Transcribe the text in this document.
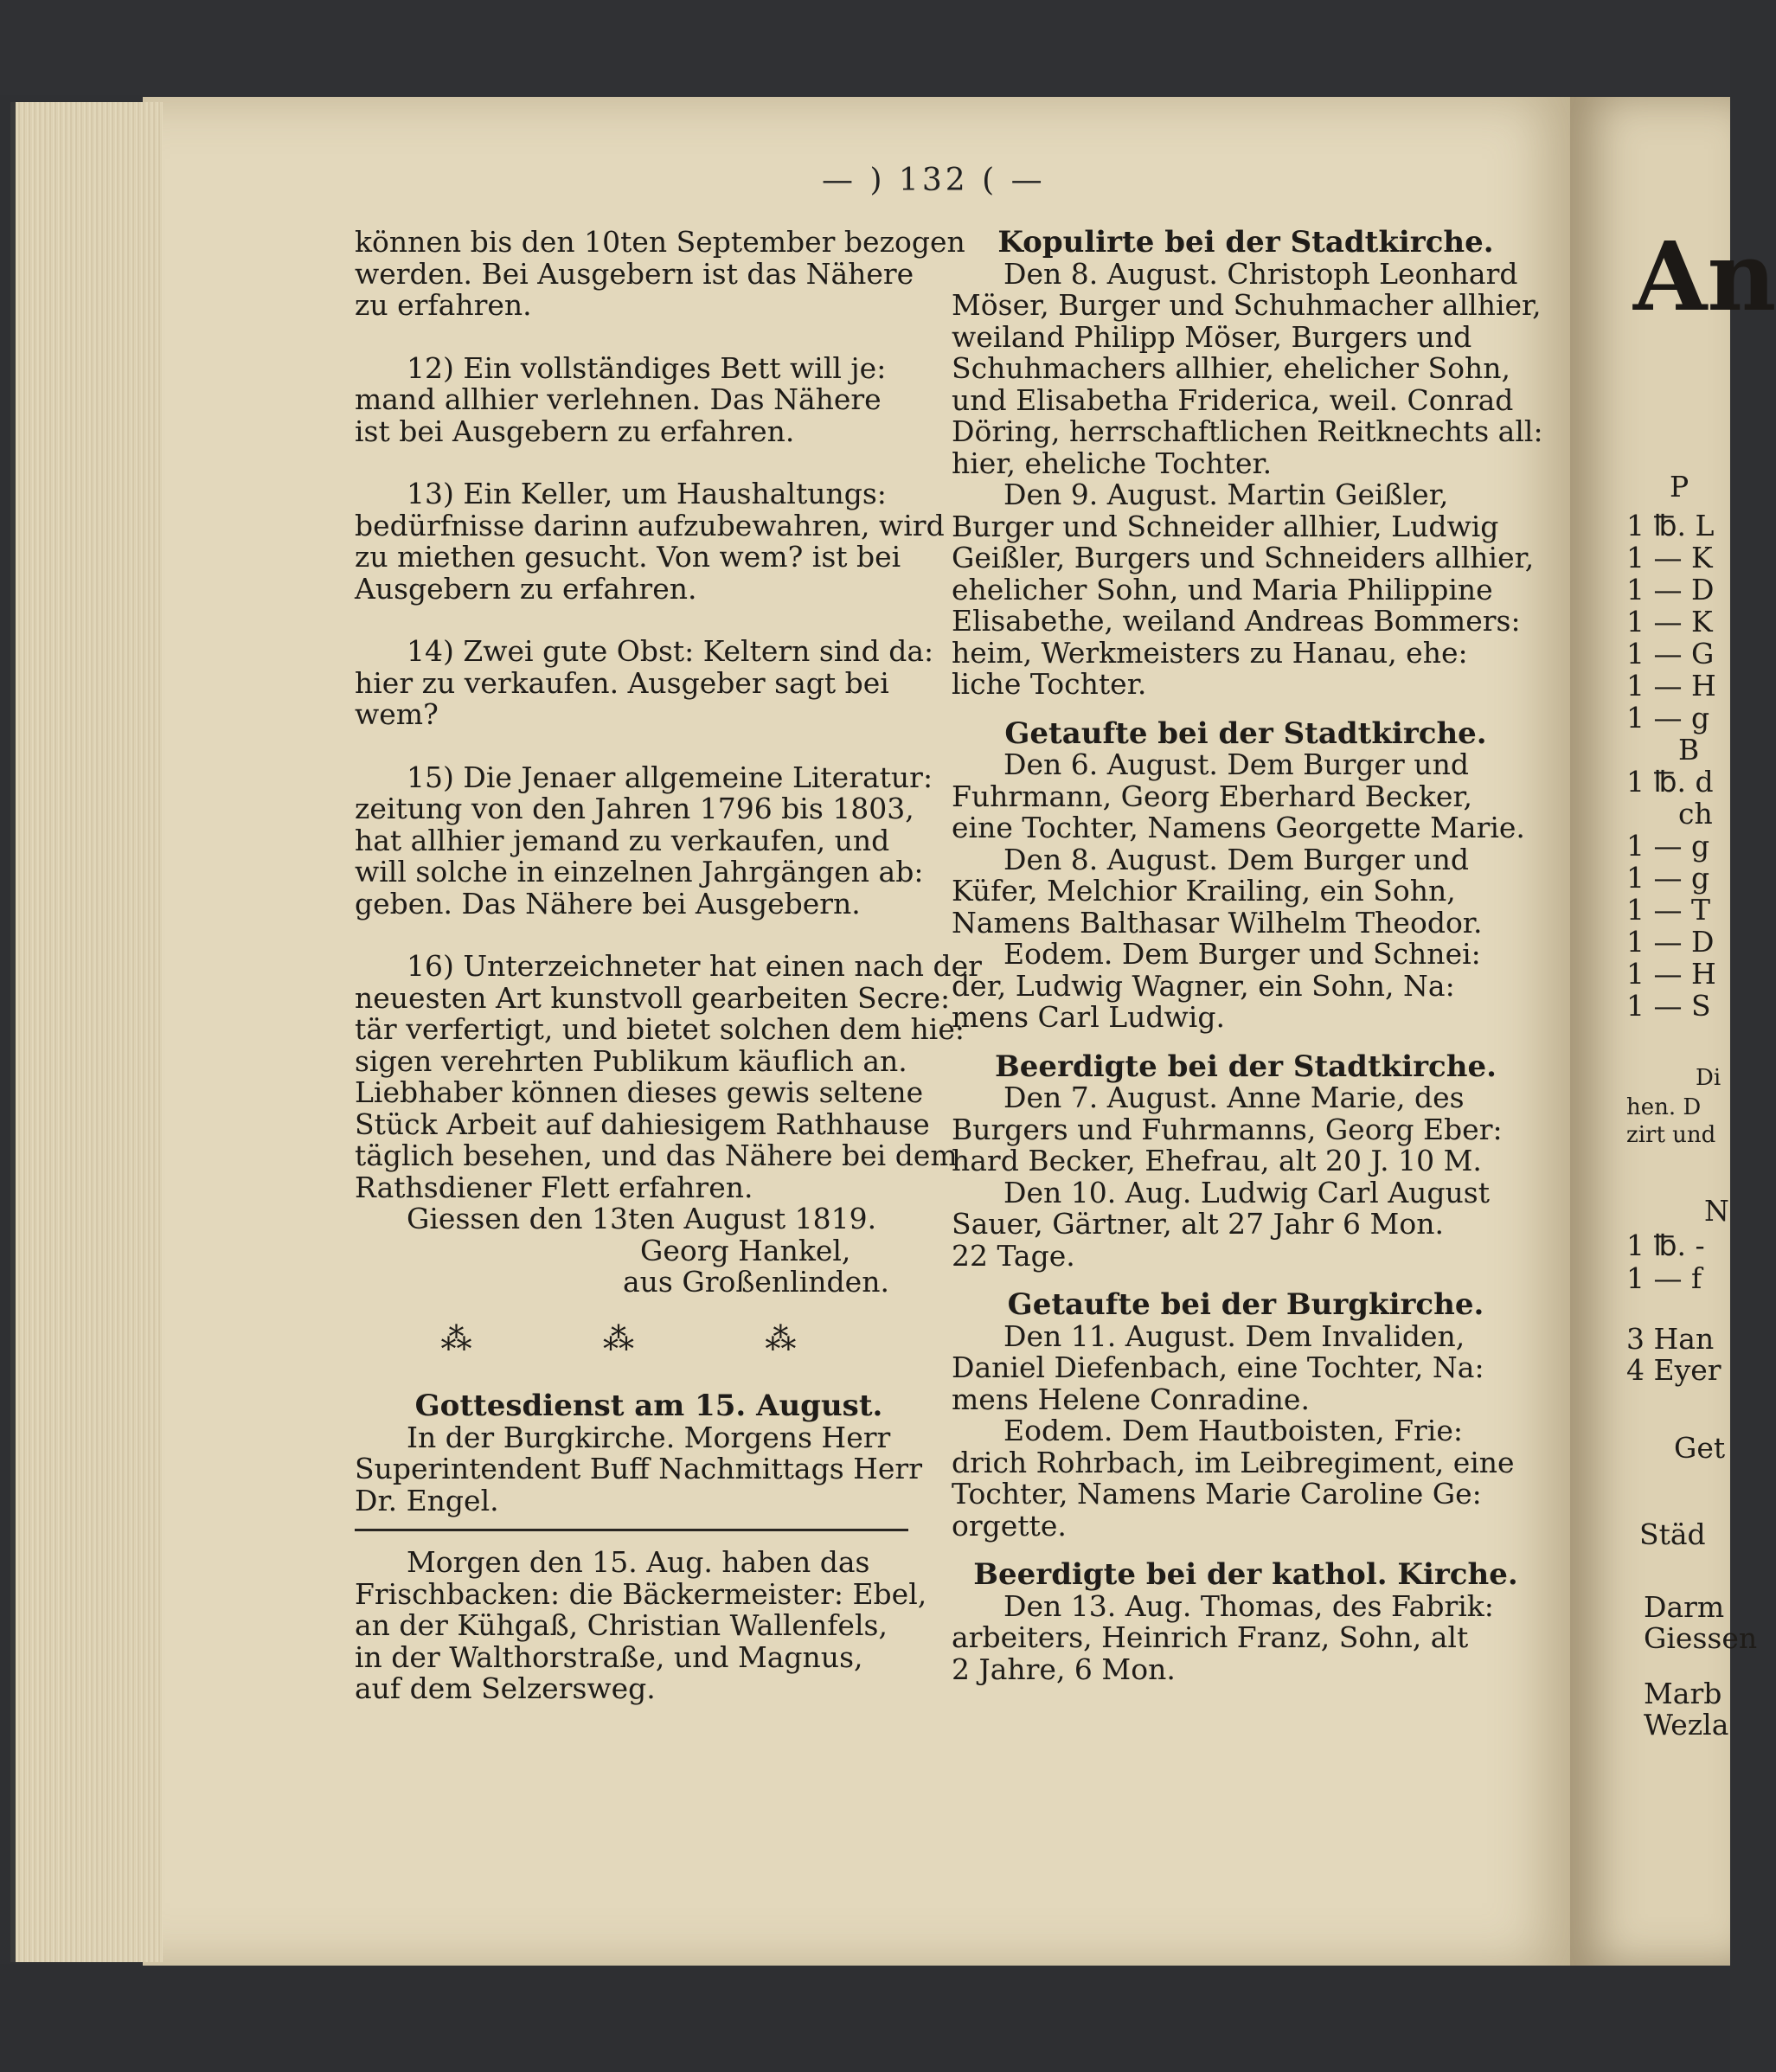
— ) 132 ( —
können bis den 10ten September bezogen
werden. Bei Ausgebern ist das Nähere
zu erfahren.
12) Ein vollständiges Bett will je:
mand allhier verlehnen. Das Nähere
ist bei Ausgebern zu erfahren.
13) Ein Keller, um Haushaltungs:
bedürfnisse darinn aufzubewahren, wird
zu miethen gesucht. Von wem? ist bei
Ausgebern zu erfahren.
14) Zwei gute Obst: Keltern sind da:
hier zu verkaufen. Ausgeber sagt bei
wem?
15) Die Jenaer allgemeine Literatur:
zeitung von den Jahren 1796 bis 1803,
hat allhier jemand zu verkaufen, und
will solche in einzelnen Jahrgängen ab:
geben. Das Nähere bei Ausgebern.
16) Unterzeichneter hat einen nach der
neuesten Art kunstvoll gearbeiten Secre:
tär verfertigt, und bietet solchen dem hie:
sigen verehrten Publikum käuflich an.
Liebhaber können dieses gewis seltene
Stück Arbeit auf dahiesigem Rathhause
täglich besehen, und das Nähere bei dem
Rathsdiener Flett erfahren.
Giessen den 13ten August 1819.
Georg Hankel,
aus Großenlinden.
⁂ ⁂ ⁂
Gottesdienst am 15. August.
In der Burgkirche. Morgens Herr
Superintendent Buff Nachmittags Herr
Dr. Engel.
Morgen den 15. Aug. haben das
Frischbacken: die Bäckermeister: Ebel,
an der Kühgaß, Christian Wallenfels,
in der Walthorstraße, und Magnus,
auf dem Selzersweg.
Kopulirte bei der Stadtkirche.
Den 8. August. Christoph Leonhard
Möser, Burger und Schuhmacher allhier,
weiland Philipp Möser, Burgers und
Schuhmachers allhier, ehelicher Sohn,
und Elisabetha Friderica, weil. Conrad
Döring, herrschaftlichen Reitknechts all:
hier, eheliche Tochter.
Den 9. August. Martin Geißler,
Burger und Schneider allhier, Ludwig
Geißler, Burgers und Schneiders allhier,
ehelicher Sohn, und Maria Philippine
Elisabethe, weiland Andreas Bommers:
heim, Werkmeisters zu Hanau, ehe:
liche Tochter.
Getaufte bei der Stadtkirche.
Den 6. August. Dem Burger und
Fuhrmann, Georg Eberhard Becker,
eine Tochter, Namens Georgette Marie.
Den 8. August. Dem Burger und
Küfer, Melchior Krailing, ein Sohn,
Namens Balthasar Wilhelm Theodor.
Eodem. Dem Burger und Schnei:
der, Ludwig Wagner, ein Sohn, Na:
mens Carl Ludwig.
Beerdigte bei der Stadtkirche.
Den 7. August. Anne Marie, des
Burgers und Fuhrmanns, Georg Eber:
hard Becker, Ehefrau, alt 20 J. 10 M.
Den 10. Aug. Ludwig Carl August
Sauer, Gärtner, alt 27 Jahr 6 Mon.
22 Tage.
Getaufte bei der Burgkirche.
Den 11. August. Dem Invaliden,
Daniel Diefenbach, eine Tochter, Na:
mens Helene Conradine.
Eodem. Dem Hautboisten, Frie:
drich Rohrbach, im Leibregiment, eine
Tochter, Namens Marie Caroline Ge:
orgette.
Beerdigte bei der kathol. Kirche.
Den 13. Aug. Thomas, des Fabrik:
arbeiters, Heinrich Franz, Sohn, alt
2 Jahre, 6 Mon.
An
P
1 ℔. L
1 — K
1 — D
1 — K
1 — G
1 — H
1 — g
B
1 ℔. d
ch
1 — g
1 — g
1 — T
1 — D
1 — H
1 — S
Di
hen. D
zirt und
N
1 ℔. -
1 — f
3 Han
4 Eyer
Get
Städ
Darm
Giessen
Marb
Wezla
